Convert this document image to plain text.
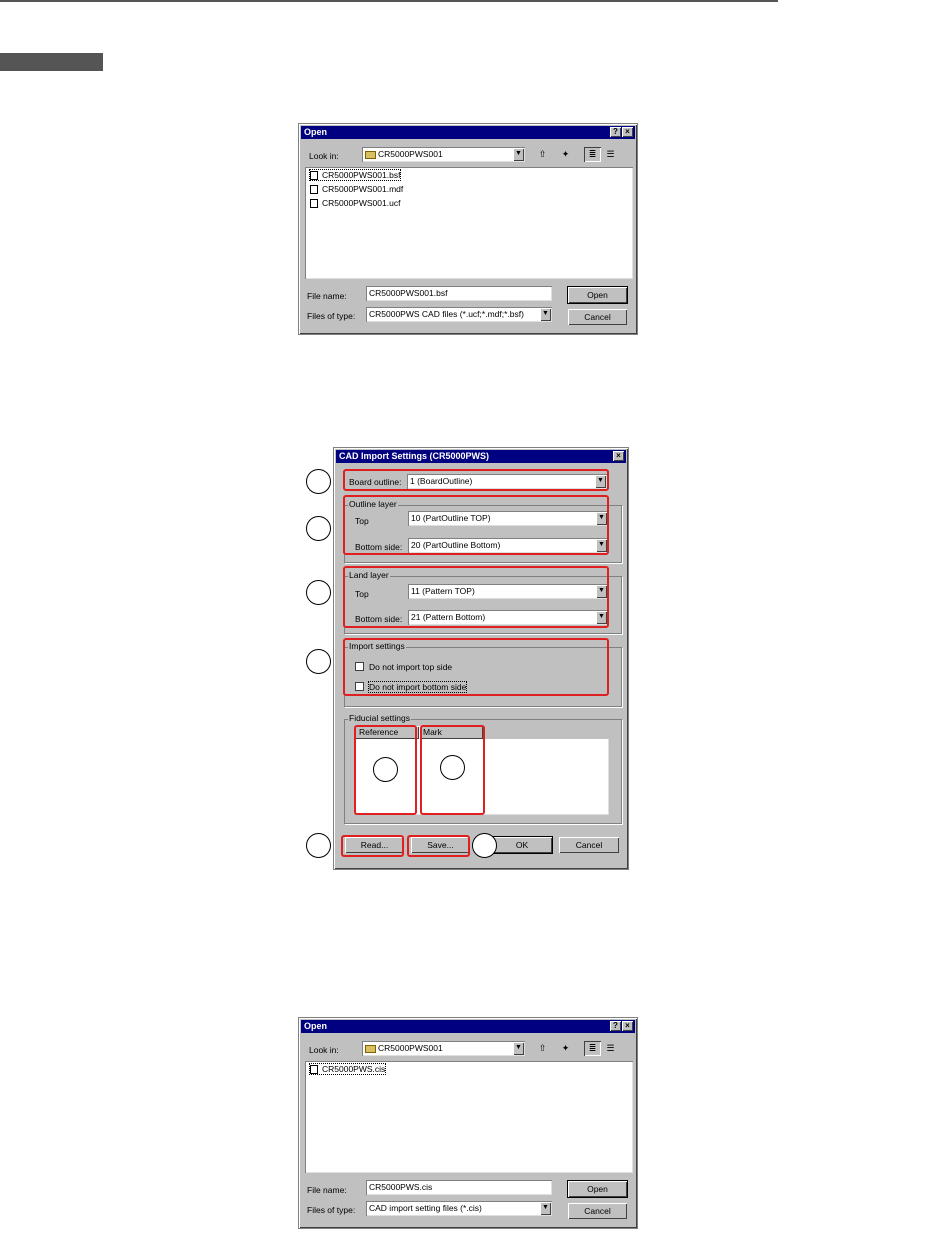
Open	? ×
Look in:	CR5000PWS001	▼	⇧	✦	≣	☰
CR5000PWS001.bsf
CR5000PWS001.mdf
CR5000PWS001.ucf
File name:	CR5000PWS001.bsf
Files of type:	CR5000PWS CAD files (*.ucf;*.mdf;*.bsf)	▼
Open
Cancel
CAD Import Settings (CR5000PWS)	×
Board outline:	1 (BoardOutline)	▼
Outline layer
Top	10 (PartOutline TOP)	▼
Bottom side:	20 (PartOutline Bottom)	▼
Land layer
Top	11 (Pattern TOP)	▼
Bottom side:	21 (Pattern Bottom)	▼
Import settings
Do not import top side
Do not import bottom side
Fiducial settings
Reference	Mark
Read...	Save...	OK	Cancel
Open	? ×
Look in:	CR5000PWS001	▼	⇧	✦	≣	☰
CR5000PWS.cis
File name:	CR5000PWS.cis
Files of type:	CAD import setting files (*.cis)	▼
Open
Cancel
